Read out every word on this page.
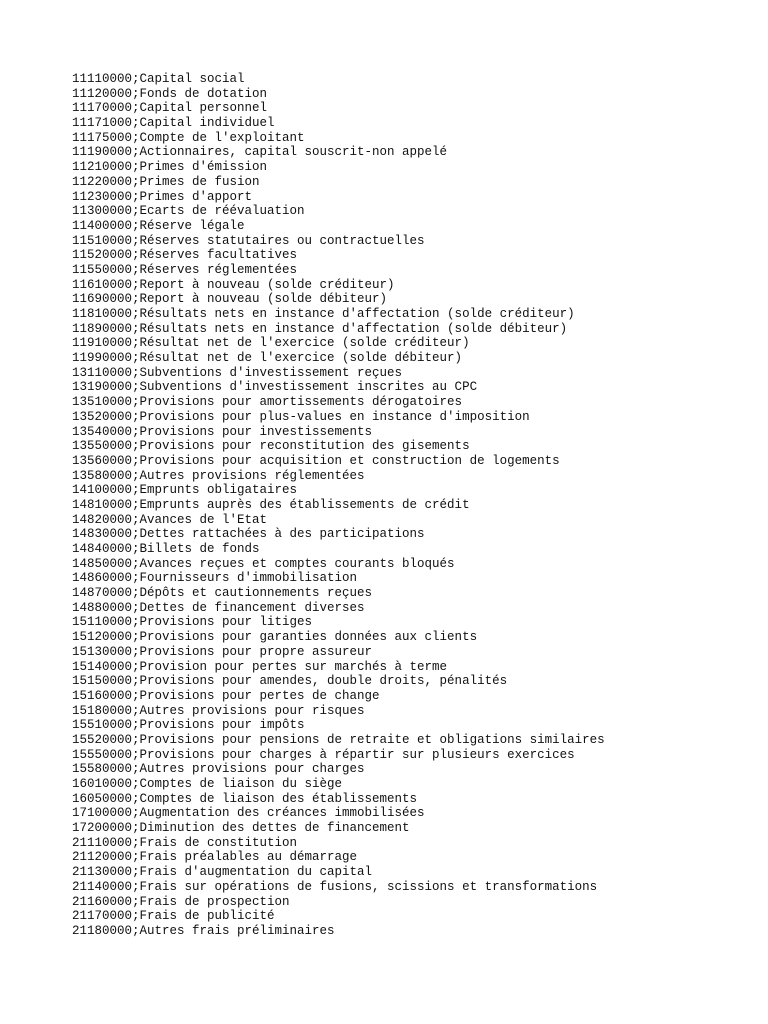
11110000;Capital social
11120000;Fonds de dotation
11170000;Capital personnel
11171000;Capital individuel
11175000;Compte de l'exploitant
11190000;Actionnaires, capital souscrit-non appelé
11210000;Primes d'émission
11220000;Primes de fusion
11230000;Primes d'apport
11300000;Ecarts de réévaluation
11400000;Réserve légale
11510000;Réserves statutaires ou contractuelles
11520000;Réserves facultatives
11550000;Réserves réglementées
11610000;Report à nouveau (solde créditeur)
11690000;Report à nouveau (solde débiteur)
11810000;Résultats nets en instance d'affectation (solde créditeur)
11890000;Résultats nets en instance d'affectation (solde débiteur)
11910000;Résultat net de l'exercice (solde créditeur)
11990000;Résultat net de l'exercice (solde débiteur)
13110000;Subventions d'investissement reçues
13190000;Subventions d'investissement inscrites au CPC
13510000;Provisions pour amortissements dérogatoires
13520000;Provisions pour plus-values en instance d'imposition
13540000;Provisions pour investissements
13550000;Provisions pour reconstitution des gisements
13560000;Provisions pour acquisition et construction de logements
13580000;Autres provisions réglementées
14100000;Emprunts obligataires
14810000;Emprunts auprès des établissements de crédit
14820000;Avances de l'Etat
14830000;Dettes rattachées à des participations
14840000;Billets de fonds
14850000;Avances reçues et comptes courants bloqués
14860000;Fournisseurs d'immobilisation
14870000;Dépôts et cautionnements reçues
14880000;Dettes de financement diverses
15110000;Provisions pour litiges
15120000;Provisions pour garanties données aux clients
15130000;Provisions pour propre assureur
15140000;Provision pour pertes sur marchés à terme
15150000;Provisions pour amendes, double droits, pénalités
15160000;Provisions pour pertes de change
15180000;Autres provisions pour risques
15510000;Provisions pour impôts
15520000;Provisions pour pensions de retraite et obligations similaires
15550000;Provisions pour charges à répartir sur plusieurs exercices
15580000;Autres provisions pour charges
16010000;Comptes de liaison du siège
16050000;Comptes de liaison des établissements
17100000;Augmentation des créances immobilisées
17200000;Diminution des dettes de financement
21110000;Frais de constitution
21120000;Frais préalables au démarrage
21130000;Frais d'augmentation du capital
21140000;Frais sur opérations de fusions, scissions et transformations
21160000;Frais de prospection
21170000;Frais de publicité
21180000;Autres frais préliminaires
